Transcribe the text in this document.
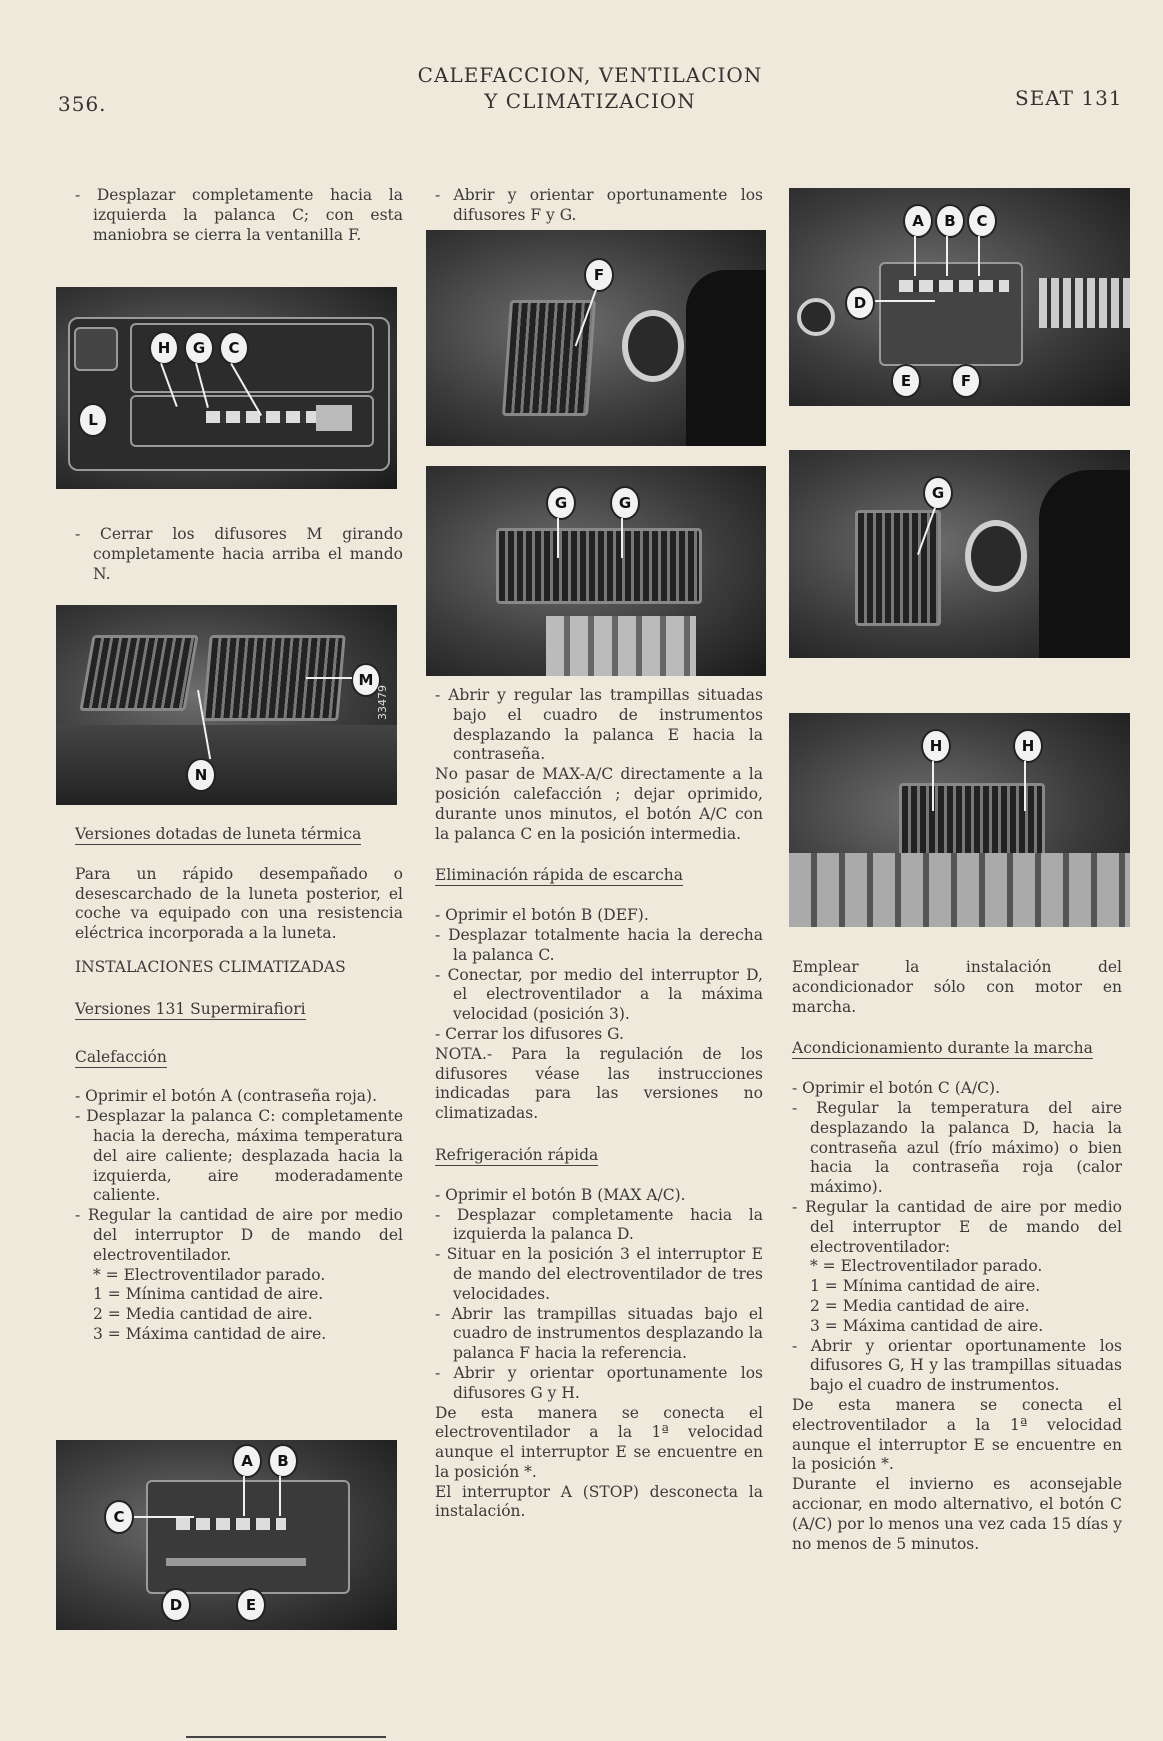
356.
CALEFACCION, VENTILACION
Y CLIMATIZACION	SEAT 131

- Desplazar completamente hacia la izquierda la palanca C; con esta maniobra se cierra la ventanilla F.

H	G	C
L

- Cerrar los difusores M girando completamente hacia arriba el mando N.

M
N
33479
Versiones dotadas de luneta térmica

Para un rápido desempañado o desescarchado de la luneta posterior, el coche va equipado con una resistencia eléctrica incorporada a la luneta.

INSTALACIONES CLIMATIZADAS

Versiones 131 Supermirafiori
Calefacción

- Oprimir el botón A (contraseña roja).

- Desplazar la palanca C: completamente hacia la derecha, máxima temperatura del aire caliente; desplazada hacia la izquierda, aire moderadamente caliente.

- Regular la cantidad de aire por medio del interruptor D de mando del electroventilador.

* = Electroventilador parado.

1 = Mínima cantidad de aire.

2 = Media cantidad de aire.

3 = Máxima cantidad de aire.

A	B
D
C
E

- Abrir y orientar oportunamente los difusores F y G.

F
G	G

- Abrir y regular las trampillas situadas bajo el cuadro de instrumentos desplazando la palanca E hacia la contraseña.

No pasar de MAX-A/C directamente a la posición calefacción ; dejar oprimido, durante unos minutos, el botón A/C con la palanca C en la posición intermedia.

Eliminación rápida de escarcha

- Oprimir el botón B (DEF).

- Desplazar totalmente hacia la derecha la palanca C.

- Conectar, por medio del interruptor D, el electroventilador a la máxima velocidad (posición 3).

- Cerrar los difusores G.

NOTA.- Para la regulación de los difusores véase las instrucciones indicadas para las versiones no climatizadas.

Refrigeración rápida

- Oprimir el botón B (MAX A/C).

- Desplazar completamente hacia la izquierda la palanca D.

- Situar en la posición 3 el interruptor E de mando del electroventilador de tres velocidades.

- Abrir las trampillas situadas bajo el cuadro de instrumentos desplazando la palanca F hacia la referencia.

- Abrir y orientar oportunamente los difusores G y H.

De esta manera se conecta el electroventilador a la 1ª velocidad aunque el interruptor E se encuentre en la posición *.

El interruptor A (STOP) desconecta la instalación.

A	B	C
D
E	F
G
H	H

Emplear la instalación del acondicionador sólo con motor en marcha.

Acondicionamiento durante la marcha

- Oprimir el botón C (A/C).

- Regular la temperatura del aire desplazando la palanca D, hacia la contraseña azul (frío máximo) o bien hacia la contraseña roja (calor máximo).

- Regular la cantidad de aire por medio del interruptor E de mando del electroventilador:

* = Electroventilador parado.

1 = Mínima cantidad de aire.

2 = Media cantidad de aire.

3 = Máxima cantidad de aire.

- Abrir y orientar oportunamente los difusores G, H y las trampillas situadas bajo el cuadro de instrumentos.

De esta manera se conecta el electroventilador a la 1ª velocidad aunque el interruptor E se encuentre en la posición *.

Durante el invierno es aconsejable accionar, en modo alternativo, el botón C (A/C) por lo menos una vez cada 15 días y no menos de 5 minutos.
